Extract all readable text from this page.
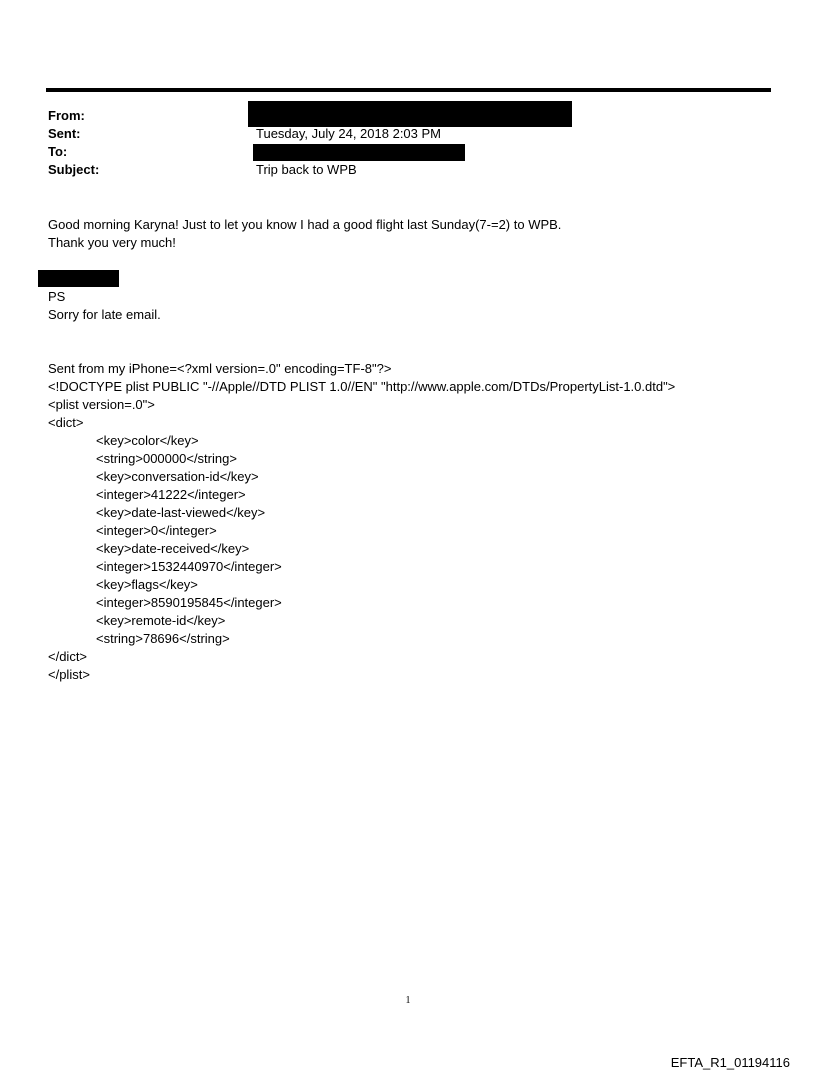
From:
Sent:
To:
Subject:
Tuesday, July 24, 2018 2:03 PM
Trip back to WPB
Good morning Karyna! Just to let you know I had a good flight last Sunday(7-=2) to WPB.
Thank you very much!
PS
Sorry for late email.
Sent from my iPhone=<?xml version=.0" encoding=TF-8"?>
<!DOCTYPE plist PUBLIC "-//Apple//DTD PLIST 1.0//EN" "http://www.apple.com/DTDs/PropertyList-1.0.dtd">
<plist version=.0">
<dict>
<key>color</key>
<string>000000</string>
<key>conversation-id</key>
<integer>41222</integer>
<key>date-last-viewed</key>
<integer>0</integer>
<key>date-received</key>
<integer>1532440970</integer>
<key>flags</key>
<integer>8590195845</integer>
<key>remote-id</key>
<string>78696</string>
</dict>
</plist>
1
EFTA_R1_01194116
